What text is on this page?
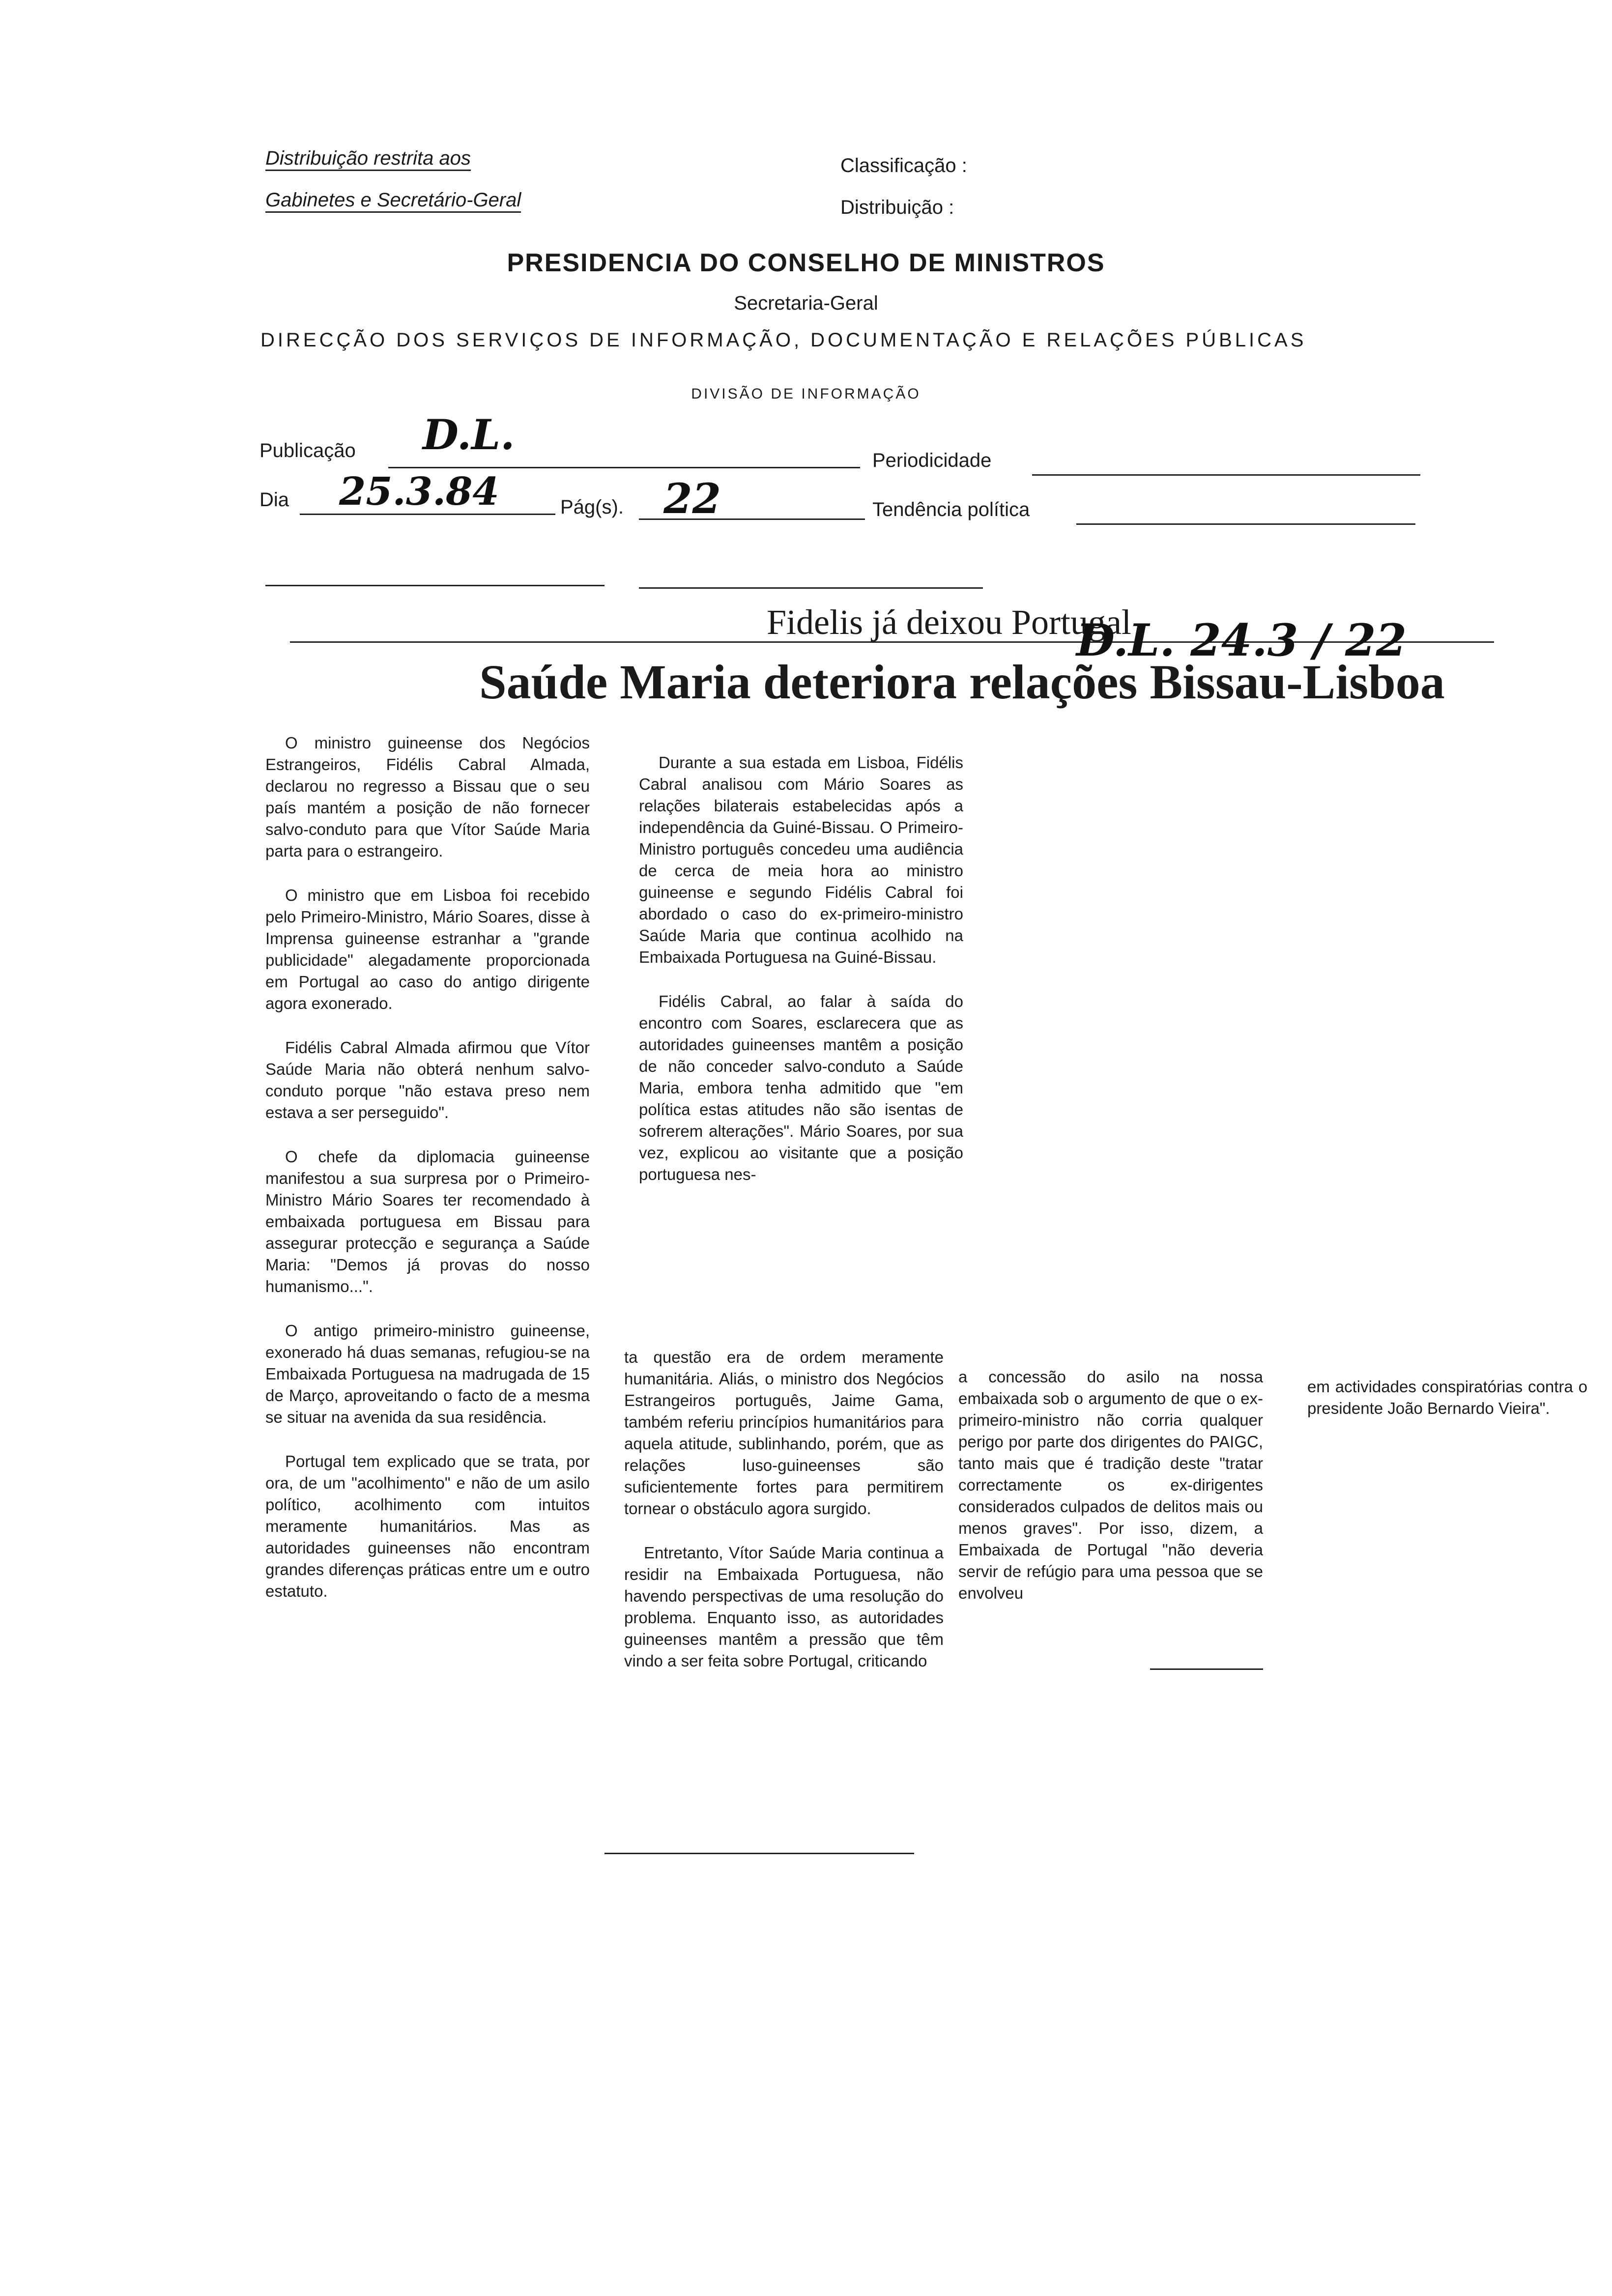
Distribuição restrita aos
Gabinetes e Secretário-Geral
Classificação :
Distribuição :
PRESIDENCIA DO CONSELHO DE MINISTROS
Secretaria-Geral
DIRECÇÃO DOS SERVIÇOS DE INFORMAÇÃO, DOCUMENTAÇÃO E RELAÇÕES PÚBLICAS
DIVISÃO DE INFORMAÇÃO
Publicação D.L.
Periodicidade
Dia 25.3.84	Pág(s). 22	Tendência política
Fidelis já deixou Portugal
Saúde Maria deteriora relações Bissau-Lisboa
D.L. 24.3 / 22

O ministro guineense dos Negócios Estrangeiros, Fidélis Cabral Almada, declarou no regresso a Bissau que o seu país mantém a posição de não fornecer salvo-conduto para que Vítor Saúde Maria parta para o estrangeiro.

O ministro que em Lisboa foi recebido pelo Primeiro-Ministro, Mário Soares, disse à Imprensa guineense estranhar a "grande publicidade" alegadamente proporcionada em Portugal ao caso do antigo dirigente agora exonerado.

Fidélis Cabral Almada afirmou que Vítor Saúde Maria não obterá nenhum salvo-conduto porque "não estava preso nem estava a ser perseguido".

O chefe da diplomacia guineense manifestou a sua surpresa por o Primeiro-Ministro Mário Soares ter recomendado à embaixada portuguesa em Bissau para assegurar protecção e segurança a Saúde Maria: "Demos já provas do nosso humanismo...".

O antigo primeiro-ministro guineense, exonerado há duas semanas, refugiou-se na Embaixada Portuguesa na madrugada de 15 de Março, aproveitando o facto de a mesma se situar na avenida da sua residência.

Portugal tem explicado que se trata, por ora, de um "acolhimento" e não de um asilo político, acolhimento com intuitos meramente humanitários. Mas as autoridades guineenses não encontram grandes diferenças práticas entre um e outro estatuto.

Durante a sua estada em Lisboa, Fidélis Cabral analisou com Mário Soares as relações bilaterais estabelecidas após a independência da Guiné-Bissau. O Primeiro-Ministro português concedeu uma audiência de cerca de meia hora ao ministro guineense e segundo Fidélis Cabral foi abordado o caso do ex-primeiro-ministro Saúde Maria que continua acolhido na Embaixada Portuguesa na Guiné-Bissau.

Fidélis Cabral, ao falar à saída do encontro com Soares, esclarecera que as autoridades guineenses mantêm a posição de não conceder salvo-conduto a Saúde Maria, embora tenha admitido que "em política estas atitudes não são isentas de sofrerem alterações". Mário Soares, por sua vez, explicou ao visitante que a posição portuguesa nes-

ta questão era de ordem meramente humanitária. Aliás, o ministro dos Negócios Estrangeiros português, Jaime Gama, também referiu princípios humanitários para aquela atitude, sublinhando, porém, que as relações luso-guineenses são suficientemente fortes para permitirem tornear o obstáculo agora surgido.

Entretanto, Vítor Saúde Maria continua a residir na Embaixada Portuguesa, não havendo perspectivas de uma resolução do problema. Enquanto isso, as autoridades guineenses mantêm a pressão que têm vindo a ser feita sobre Portugal, criticando

a concessão do asilo na nossa embaixada sob o argumento de que o ex-primeiro-ministro não corria qualquer perigo por parte dos dirigentes do PAIGC, tanto mais que é tradição deste "tratar correctamente os ex-dirigentes considerados culpados de delitos mais ou menos graves". Por isso, dizem, a Embaixada de Portugal "não deveria servir de refúgio para uma pessoa que se envolveu

em actividades conspiratórias contra o presidente João Bernardo Vieira".
